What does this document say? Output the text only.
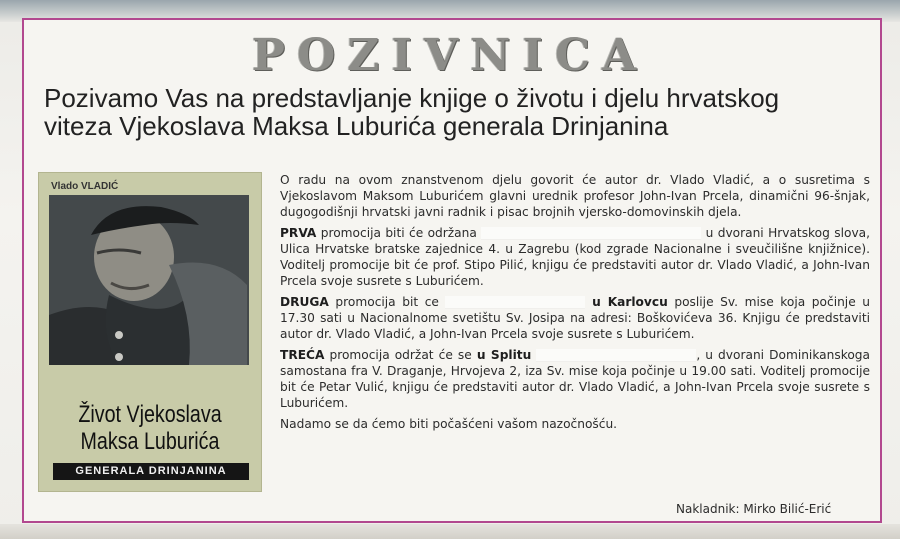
POZIVNICA
Pozivamo Vas na predstavljanje knjige o životu i djelu hrvatskog
viteza Vjekoslava Maksa Luburića generala Drinjanina
Vlado VLADIĆ
Život Vjekoslava
Maksa Luburića
GENERALA DRINJANINA

O radu na ovom znanstvenom djelu govorit će autor dr. Vlado Vladić, a o susretima s Vjekoslavom Maksom Luburićem glavni urednik profesor John-Ivan Prcela, dinamični 96-šnjak, dugogodišnji hrvatski javni radnik i pisac brojnih vjersko-domovinskih djela.

PRVA promocija biti će održana	u dvorani Hrvatskog slova, Ulica Hrvatske bratske zajednice 4. u Zagrebu (kod zgrade Nacionalne i sveučilišne knjižnice). Voditelj promocije bit će prof. Stipo Pilić, knjigu će predstaviti autor dr. Vlado Vladić, a John-Ivan Prcela svoje susrete s Luburićem.

DRUGA promocija bit ce	u Karlovcu poslije Sv. mise koja počinje u 17.30 sati u Nacionalnome svetištu Sv. Josipa na adresi: Boškovićeva 36. Knjigu će predstaviti autor dr. Vlado Vladić, a John-Ivan Prcela svoje susrete s Luburićem.

TREĆA promocija održat će se u Splitu	, u dvorani Dominikanskoga samostana fra V. Draganje, Hrvojeva 2, iza Sv. mise koja počinje u 19.00 sati. Voditelj promocije bit će Petar Vulić, knjigu će predstaviti autor dr. Vlado Vladić, a John-Ivan Prcela svoje susrete s Luburićem.

Nadamo se da ćemo biti počašćeni vašom nazočnošću.

Nakladnik: Mirko Bilić-Erić
